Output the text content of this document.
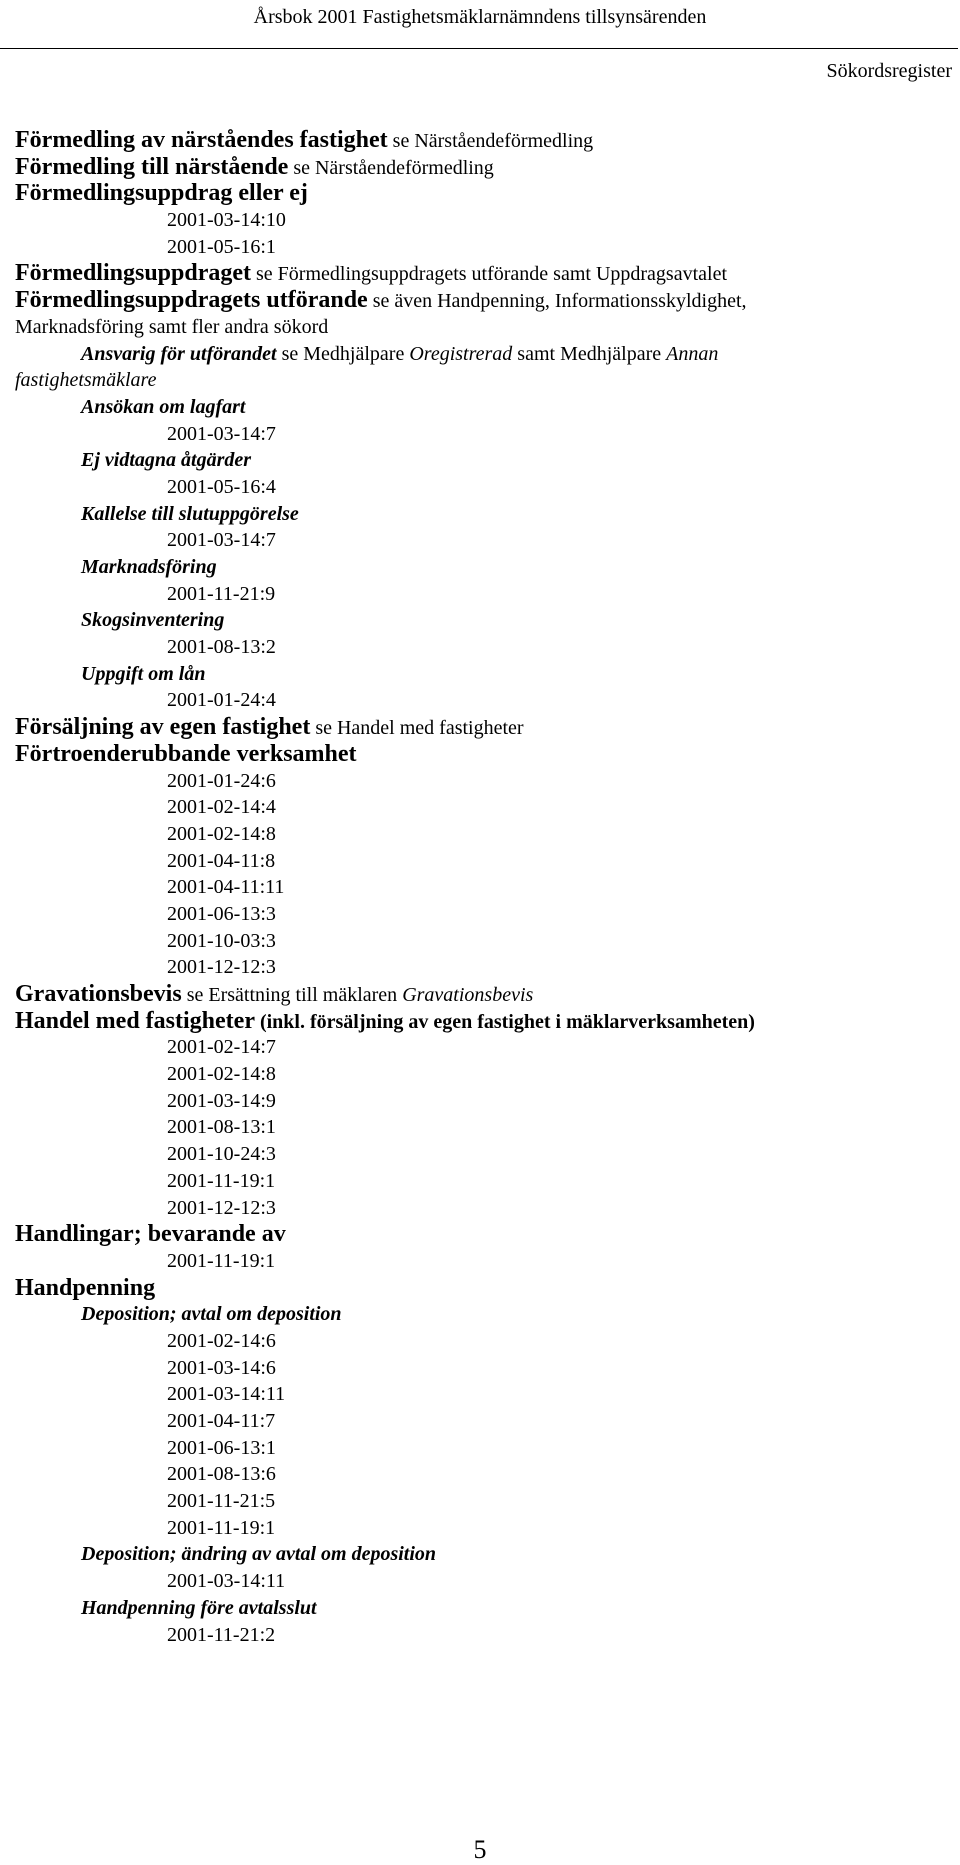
Årsbok 2001 Fastighetsmäklarnämndens tillsynsärenden
Sökordsregister
Förmedling av närståendes fastighet se Närståendeförmedling
Förmedling till närstående se Närståendeförmedling
Förmedlingsuppdrag eller ej
2001-03-14:10
2001-05-16:1
Förmedlingsuppdraget se Förmedlingsuppdragets utförande samt Uppdragsavtalet
Förmedlingsuppdragets utförande se även Handpenning, Informationsskyldighet,
Marknadsföring samt fler andra sökord
Ansvarig för utförandet se Medhjälpare Oregistrerad samt Medhjälpare Annan
fastighetsmäklare
Ansökan om lagfart
2001-03-14:7
Ej vidtagna åtgärder
2001-05-16:4
Kallelse till slutuppgörelse
2001-03-14:7
Marknadsföring
2001-11-21:9
Skogsinventering
2001-08-13:2
Uppgift om lån
2001-01-24:4
Försäljning av egen fastighet se Handel med fastigheter
Förtroenderubbande verksamhet
2001-01-24:6
2001-02-14:4
2001-02-14:8
2001-04-11:8
2001-04-11:11
2001-06-13:3
2001-10-03:3
2001-12-12:3
Gravationsbevis se Ersättning till mäklaren Gravationsbevis
Handel med fastigheter (inkl. försäljning av egen fastighet i mäklarverksamheten)
2001-02-14:7
2001-02-14:8
2001-03-14:9
2001-08-13:1
2001-10-24:3
2001-11-19:1
2001-12-12:3
Handlingar; bevarande av
2001-11-19:1
Handpenning
Deposition; avtal om deposition
2001-02-14:6
2001-03-14:6
2001-03-14:11
2001-04-11:7
2001-06-13:1
2001-08-13:6
2001-11-21:5
2001-11-19:1
Deposition; ändring av avtal om deposition
2001-03-14:11
Handpenning före avtalsslut
2001-11-21:2
5
